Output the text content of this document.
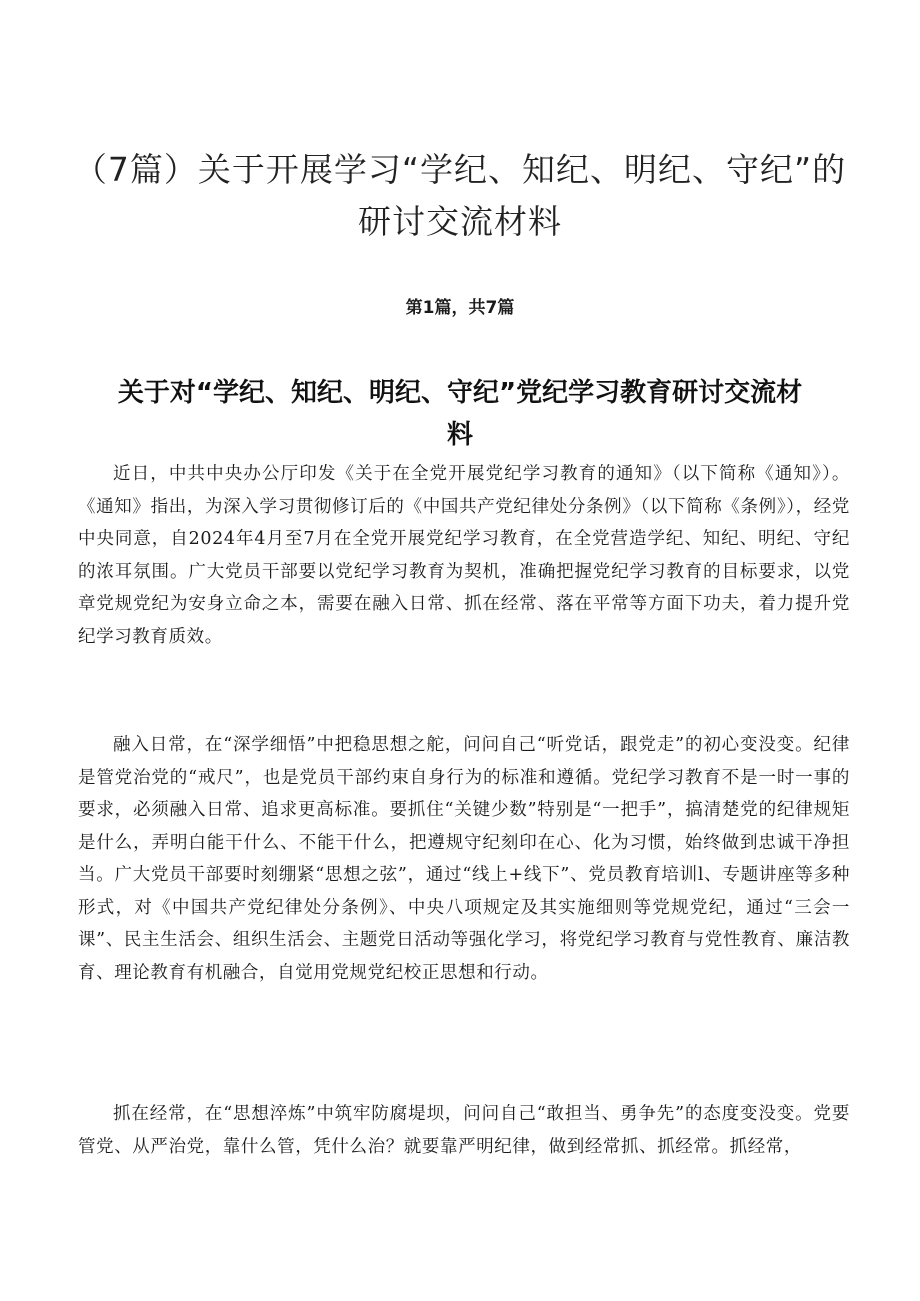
（7篇）关于开展学习“学纪、知纪、明纪、守纪”的研讨交流材料
第1篇，共7篇
关于对“学纪、知纪、明纪、守纪”党纪学习教育研讨交流材料

近日，中共中央办公厅印发《关于在全党开展党纪学习教育的通知》（以下简称《通知》）。《通知》指出，为深入学习贯彻修订后的《中国共产党纪律处分条例》（以下简称《条例》），经党中央同意，自2024年4月至7月在全党开展党纪学习教育，在全党营造学纪、知纪、明纪、守纪的浓耳氛围。广大党员干部要以党纪学习教育为契机，准确把握党纪学习教育的目标要求，以党章党规党纪为安身立命之本，需要在融入日常、抓在经常、落在平常等方面下功夫，着力提升党纪学习教育质效。

融入日常，在“深学细悟”中把稳思想之舵，问问自己“听党话，跟党走”的初心变没变。纪律是管党治党的“戒尺”，也是党员干部约束自身行为的标准和遵循。党纪学习教育不是一时一事的要求，必须融入日常、追求更高标准。要抓住“关键少数”特别是“一把手”，搞清楚党的纪律规矩是什么，弄明白能干什么、不能干什么，把遵规守纪刻印在心、化为习惯，始终做到忠诚干净担当。广大党员干部要时刻绷紧“思想之弦”，通过“线上+线下”、党员教育培训l、专题讲座等多种形式，对《中国共产党纪律处分条例》、中央八项规定及其实施细则等党规党纪，通过“三会一课”、民主生活会、组织生活会、主题党日活动等强化学习，将党纪学习教育与党性教育、廉洁教育、理论教育有机融合，自觉用党规党纪校正思想和行动。

抓在经常，在“思想淬炼”中筑牢防腐堤坝，问问自己“敢担当、勇争先”的态度变没变。党要管党、从严治党，靠什么管，凭什么治？就要靠严明纪律，做到经常抓、抓经常。抓经常，
